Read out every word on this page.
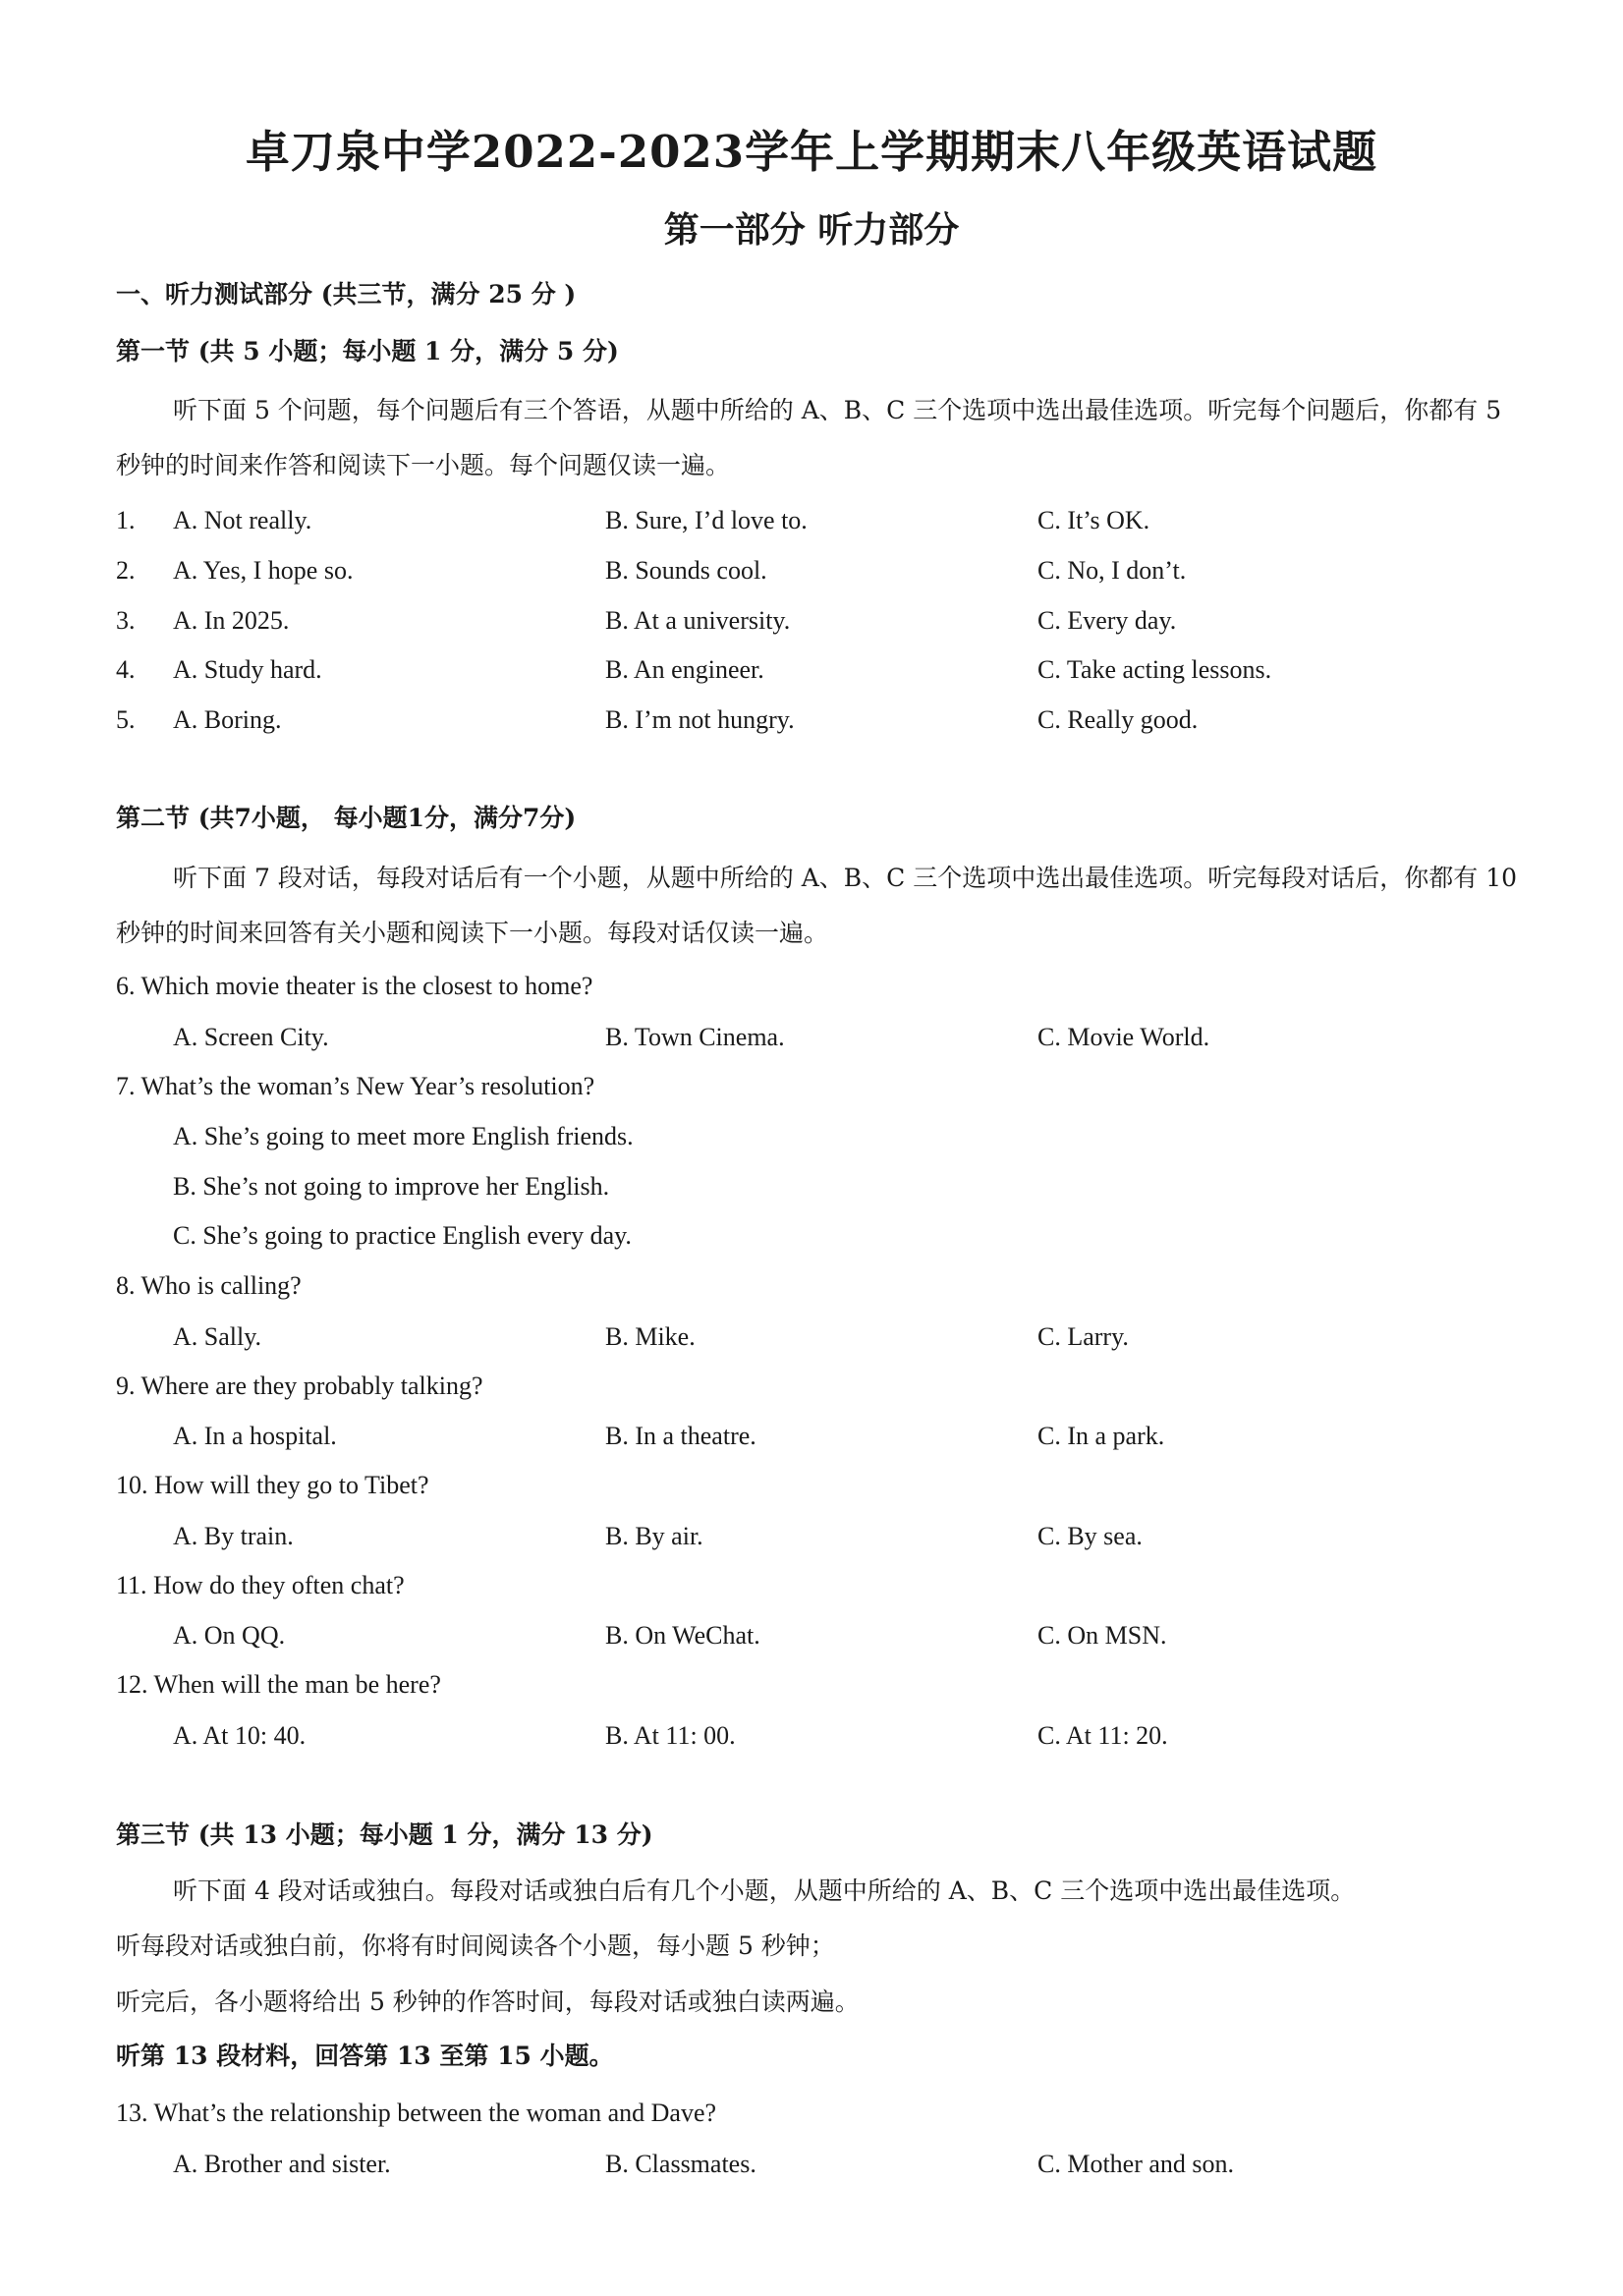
卓刀泉中学2022-2023学年上学期期末八年级英语试题
第一部分 听力部分
一、听力测试部分 (共三节，满分 25 分 )
第一节 (共 5 小题；每小题 1 分，满分 5 分)
听下面 5 个问题，每个问题后有三个答语，从题中所给的 A、B、C 三个选项中选出最佳选项。听完每个问题后，你都有 5 秒钟的时间来作答和阅读下一小题。每个问题仅读一遍。
1. A. Not really.	B. Sure, I’d love to.	C. It’s OK.
2. A. Yes, I hope so.	B. Sounds cool.	C. No, I don’t.
3. A. In 2025.	B. At a university.	C. Every day.
4. A. Study hard.	B. An engineer.	C. Take acting lessons.
5. A. Boring.	B. I’m not hungry.	C. Really good.
第二节 (共7小题， 每小题1分，满分7分)
听下面 7 段对话，每段对话后有一个小题，从题中所给的 A、B、C 三个选项中选出最佳选项。听完每段对话后，你都有 10 秒钟的时间来回答有关小题和阅读下一小题。每段对话仅读一遍。
6. Which movie theater is the closest to home?
A. Screen City.	B. Town Cinema.	C. Movie World.
7. What’s the woman’s New Year’s resolution?
A. She’s going to meet more English friends.
B. She’s not going to improve her English.
C. She’s going to practice English every day.
8. Who is calling?
A. Sally.	B. Mike.	C. Larry.
9. Where are they probably talking?
A. In a hospital.	B. In a theatre.	C. In a park.
10. How will they go to Tibet?
A. By train.	B. By air.	C. By sea.
11. How do they often chat?
A. On QQ.	B. On WeChat.	C. On MSN.
12. When will the man be here?
A. At 10: 40.	B. At 11: 00.	C. At 11: 20.
第三节 (共 13 小题；每小题 1 分，满分 13 分)
听下面 4 段对话或独白。每段对话或独白后有几个小题，从题中所给的 A、B、C 三个选项中选出最佳选项。
听每段对话或独白前，你将有时间阅读各个小题，每小题 5 秒钟；
听完后，各小题将给出 5 秒钟的作答时间，每段对话或独白读两遍。
听第 13 段材料，回答第 13 至第 15 小题。
13. What’s the relationship between the woman and Dave?
A. Brother and sister.	B. Classmates.	C. Mother and son.
